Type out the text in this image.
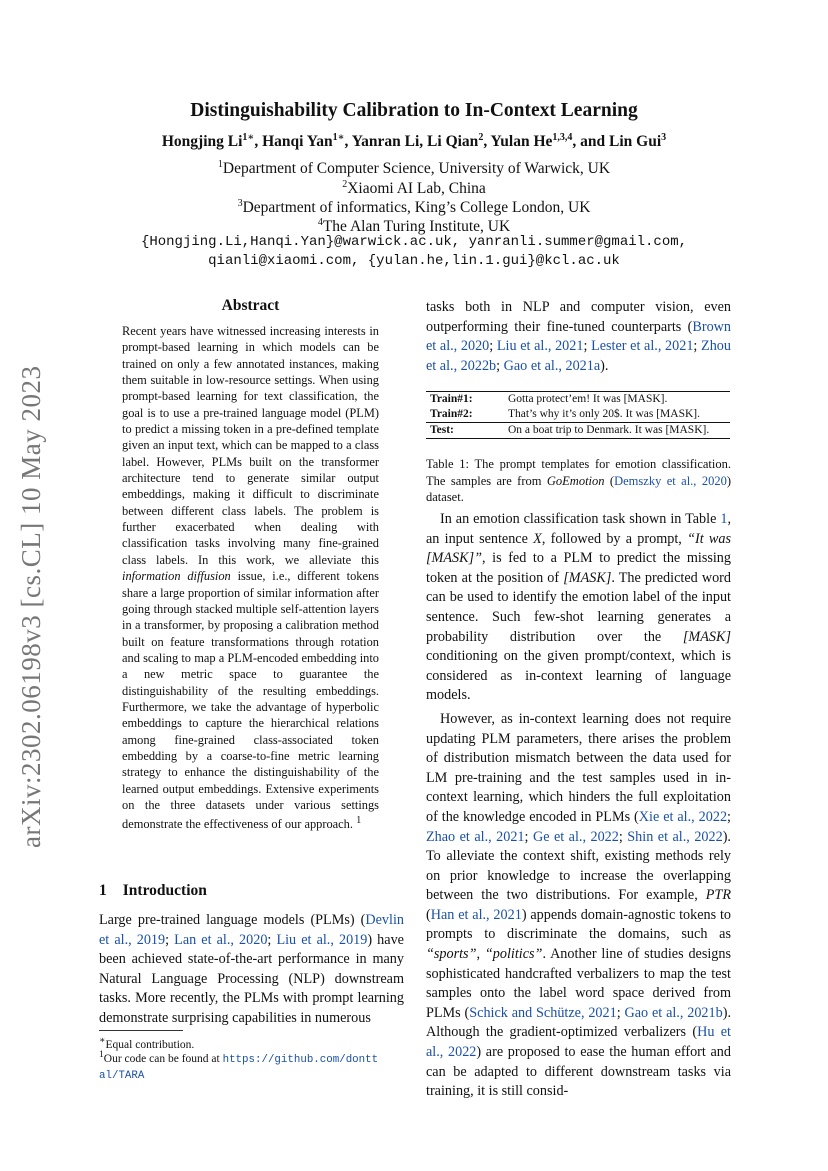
arXiv:2302.06198v3 [cs.CL] 10 May 2023
Distinguishability Calibration to In-Context Learning
Hongjing $Li^{1∗}$, Hanqi Yan$^{1∗}$, Yanran Li, Li Qian$^2$, Yulan He$^{1,3,4}$, and Lin Gui$^3$
$^1$Department of Computer Science, University of Warwick, UK
$^2$Xiaomi AI Lab, China
$^3$Department of informatics, King’s College London, UK
$^4$The Alan Turing Institute, UK
{Hongjing.Li,Hanqi.Yan}@warwick.ac.uk, yanranli.summer@gmail.com,
qianli@xiaomi.com, {yulan.he,lin.1.gui}@kcl.ac.uk
Abstract
Recent years have witnessed increasing interests in prompt-based learning in which models can be trained on only a few annotated instances, making them suitable in low-resource settings. When using prompt-based learning for text classification, the goal is to use a pre-trained language model (PLM) to predict a missing token in a pre-defined template given an input text, which can be mapped to a class label. However, PLMs built on the transformer architecture tend to generate similar output embeddings, making it difficult to discriminate between different class labels. The problem is further exacerbated when dealing with classification tasks involving many fine-grained class labels. In this work, we alleviate this information diffusion issue, i.e., different tokens share a large proportion of similar information after going through stacked multiple self-attention layers in a transformer, by proposing a calibration method built on feature transformations through rotation and scaling to map a PLM-encoded embedding into a new metric space to guarantee the distinguishability of the resulting embeddings. Furthermore, we take the advantage of hyperbolic embeddings to capture the hierarchical relations among fine-grained class-associated token embedding by a coarse-to-fine metric learning strategy to enhance the distinguishability of the learned output embeddings. Extensive experiments on the three datasets under various settings demonstrate the effectiveness of our approach. $^1$
1 Introduction
Large pre-trained language models (PLMs) (Devlin et al., 2019; Lan et al., 2020; Liu et al., 2019) have been achieved state-of-the-art performance in many Natural Language Processing (NLP) downstream tasks. More recently, the PLMs with prompt learning demonstrate surprising capabilities in numerous
∗Equal contribution.
$^1$Our code can be found at https://github.com/dontt
al/TARA
tasks both in NLP and computer vision, even outperforming their fine-tuned counterparts (Brown et al., 2020; Liu et al., 2021; Lester et al., 2021; Zhou et al., 2022b; Gao et al., 2021a).
Train#1:	Gotta protect’em! It was [MASK].
Train#2:	That’s why it’s only 20$. It was [MASK].
Test:	On a boat trip to Denmark. It was [MASK].
Table 1: The prompt templates for emotion classification. The samples are from GoEmotion (Demszky et al., 2020) dataset.

In an emotion classification task shown in Table 1, an input sentence X, followed by a prompt, “It was [MASK]”, is fed to a PLM to predict the missing token at the position of [MASK]. The predicted word can be used to identify the emotion label of the input sentence. Such few-shot learning generates a probability distribution over the [MASK] conditioning on the given prompt/context, which is considered as in-context learning of language models.

However, as in-context learning does not require updating PLM parameters, there arises the problem of distribution mismatch between the data used for LM pre-training and the test samples used in in-context learning, which hinders the full exploitation of the knowledge encoded in PLMs (Xie et al., 2022; Zhao et al., 2021; Ge et al., 2022; Shin et al., 2022). To alleviate the context shift, existing methods rely on prior knowledge to increase the overlapping between the two distributions. For example, PTR (Han et al., 2021) appends domain-agnostic tokens to prompts to discriminate the domains, such as “sports”, “politics”. Another line of studies designs sophisticated handcrafted verbalizers to map the test samples onto the label word space derived from PLMs (Schick and Schütze, 2021; Gao et al., 2021b). Although the gradient-optimized verbalizers (Hu et al., 2022) are proposed to ease the human effort and can be adapted to different downstream tasks via training, it is still consid-
